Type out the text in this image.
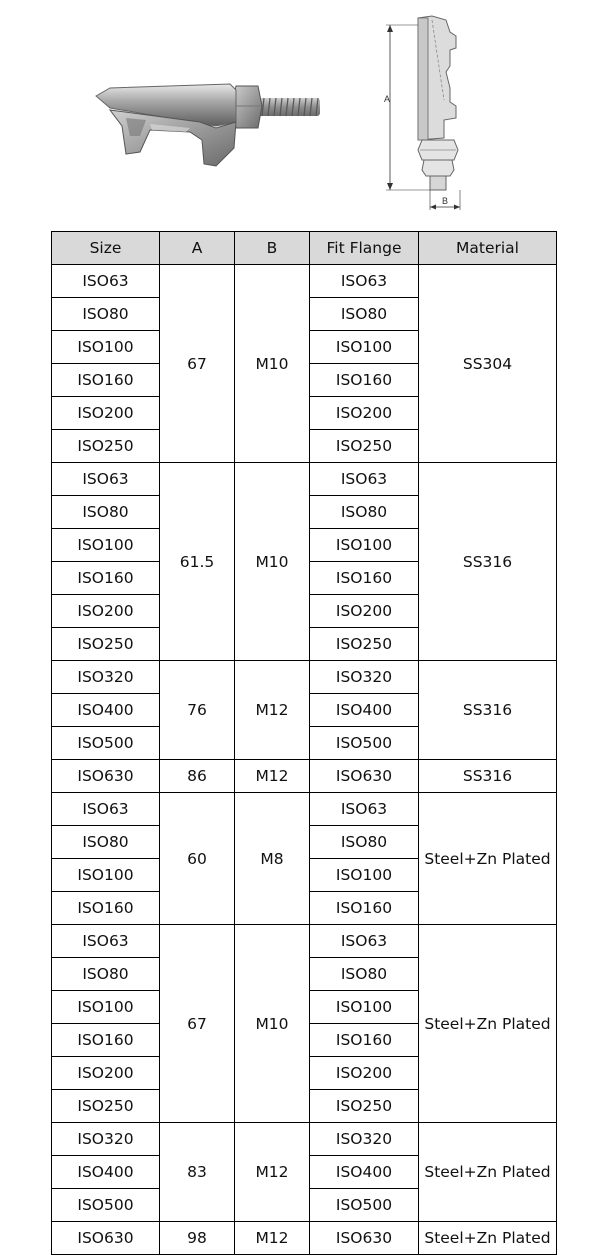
A
B
Size	A	B	Fit Flange	Material
ISO63	67	M10	ISO63	SS304
ISO80			ISO80	
ISO100			ISO100	
ISO160			ISO160	
ISO200			ISO200	
ISO250			ISO250	
ISO63	61.5	M10	ISO63	SS316
ISO80			ISO80	
ISO100			ISO100	
ISO160			ISO160	
ISO200			ISO200	
ISO250			ISO250	
ISO320	76	M12	ISO320	SS316
ISO400			ISO400	
ISO500			ISO500	
ISO630	86	M12	ISO630	SS316
ISO63	60	M8	ISO63	Steel+Zn Plated
ISO80			ISO80	
ISO100			ISO100	
ISO160			ISO160	
ISO63	67	M10	ISO63	Steel+Zn Plated
ISO80			ISO80	
ISO100			ISO100	
ISO160			ISO160	
ISO200			ISO200	
ISO250			ISO250	
ISO320	83	M12	ISO320	Steel+Zn Plated
ISO400			ISO400	
ISO500			ISO500	
ISO630	98	M12	ISO630	Steel+Zn Plated
